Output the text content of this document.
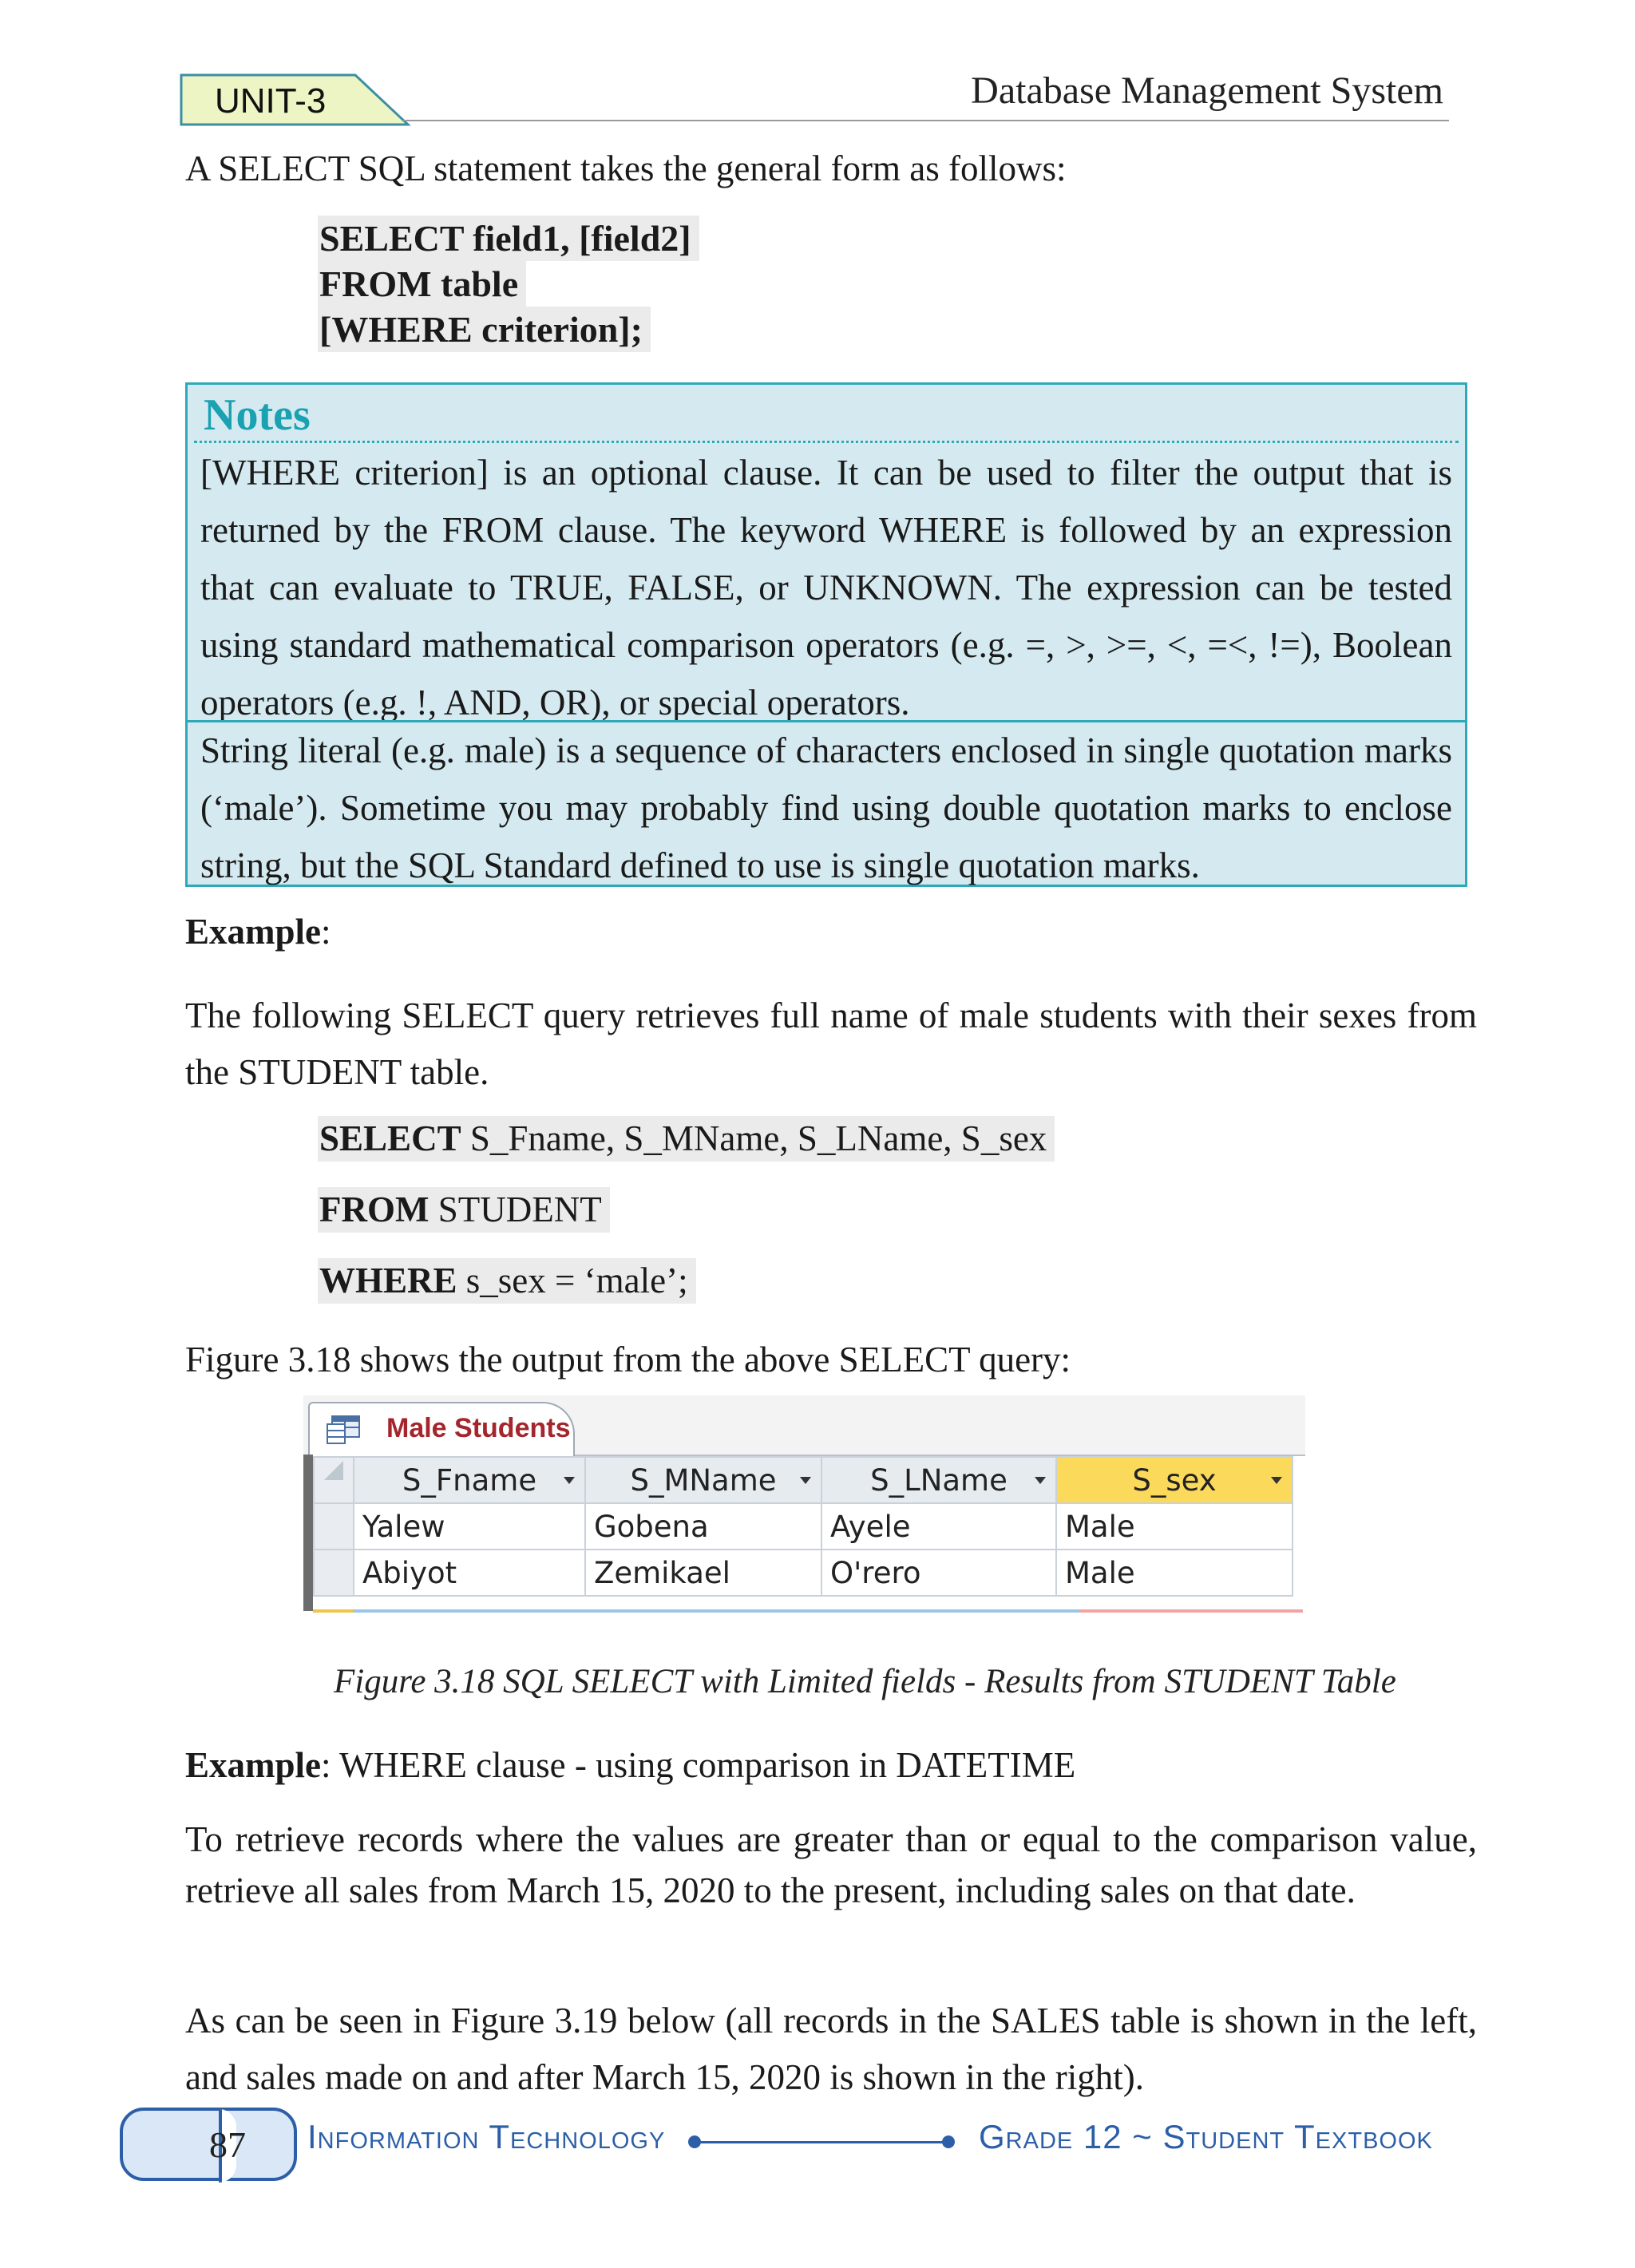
UNIT-3	Database Management System
A SELECT SQL statement takes the general form as follows:
SELECT field1, [field2]
FROM table
[WHERE criterion];
Notes
[WHERE criterion] is an optional clause. It can be used to filter the output that is returned by the FROM clause. The keyword WHERE is followed by an expression that can evaluate to TRUE, FALSE, or UNKNOWN. The expression can be tested using standard mathematical comparison operators (e.g. =, >, >=, <, =<, !=), Boolean operators (e.g. !, AND, OR), or special operators.
String literal (e.g. male) is a sequence of characters enclosed in single quotation marks (‘male’). Sometime you may probably find using double quotation marks to enclose string, but the SQL Standard defined to use is single quotation marks.
Example:
The following SELECT query retrieves full name of male students with their sexes from the STUDENT table.
SELECT S_Fname, S_MName, S_LName, S_sex
FROM STUDENT
WHERE s_sex = ‘male’;
Figure 3.18 shows the output from the above SELECT query:
Male Students
	S_Fname	S_MName	S_LName	S_sex

	Yalew	Gobena	Ayele	Male
	Abiyot	Zemikael	O'rero	Male
Figure 3.18 SQL SELECT with Limited fields - Results from STUDENT Table
Example: WHERE clause - using comparison in DATETIME
To retrieve records where the values are greater than or equal to the comparison value, retrieve all sales from March 15, 2020 to the present, including sales on that date.
As can be seen in Figure 3.19 below (all records in the SALES table is shown in the left, and sales made on and after March 15, 2020 is shown in the right).
87 Information Technology	Grade 12 ~ Student Textbook
